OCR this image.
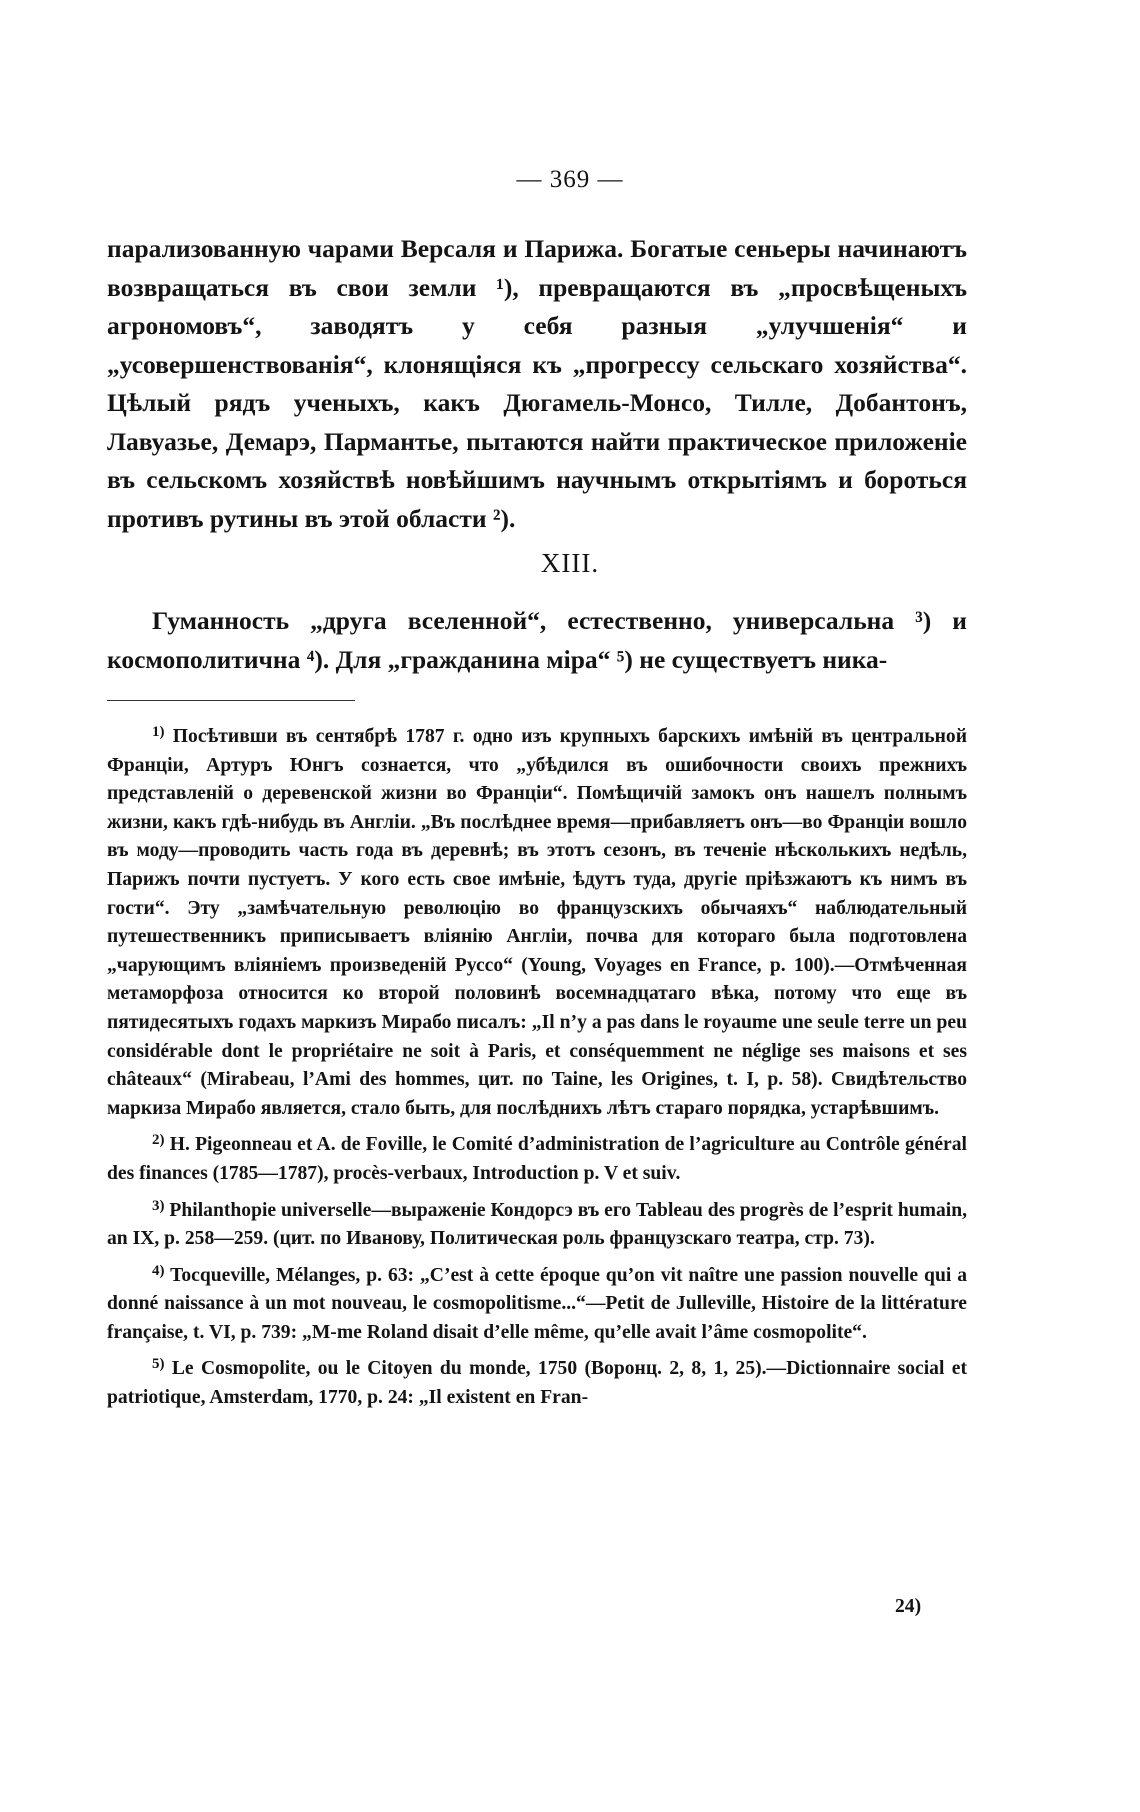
— 369 —

парализованную чарами Версаля и Парижа. Богатые сеньеры начинаютъ возвращаться въ свои земли ¹), превращаются въ „просвѣщеныхъ агрономовъ“, заводятъ у себя разныя „улучшенія“ и „усовершенствованія“, клонящіяся къ „прогрессу сельскаго хозяйства“. Цѣлый рядъ ученыхъ, какъ Дюгамель-Монсо, Тилле, Добантонъ, Лавуазье, Демарэ, Пармантье, пытаются найти практическое приложеніе въ сельскомъ хозяйствѣ новѣйшимъ научнымъ открытіямъ и бороться противъ рутины въ этой области ²).

XIII.

Гуманность „друга вселенной“, естественно, универсальна ³) и космополитична ⁴). Для „гражданина міра“ ⁵) не существуетъ ника-

$^{1)}$ Посѣтивши въ сентябрѣ 1787 г. одно изъ крупныхъ барскихъ имѣній въ центральной Франціи, Артуръ Юнгъ сознается, что „убѣдился въ ошибочности своихъ прежнихъ представленій о деревенской жизни во Франціи“. Помѣщичій замокъ онъ нашелъ полнымъ жизни, какъ гдѣ-нибудь въ Англіи. „Въ послѣднее время—прибавляетъ онъ—во Франціи вошло въ моду—проводить часть года въ деревнѣ; въ этотъ сезонъ, въ теченіе нѣсколькихъ недѣль, Парижъ почти пустуетъ. У кого есть свое имѣніе, ѣдутъ туда, другіе пріѣзжаютъ къ нимъ въ гости“. Эту „замѣчательную революцію во французскихъ обычаяхъ“ наблюдательный путешественникъ приписываетъ вліянію Англіи, почва для котораго была подготовлена „чарующимъ вліяніемъ произведеній Руссо“ (Young, Voyages en France, p. 100).—Отмѣченная метаморфоза относится ко второй половинѣ восемнадцатаго вѣка, потому что еще въ пятидесятыхъ годахъ маркизъ Мирабо писалъ: „Il n’y a pas dans le royaume une seule terre un peu considérable dont le propriétaire ne soit à Paris, et conséquemment ne néglige ses maisons et ses châteaux“ (Mirabeau, l’Ami des hommes, цит. по Taine, les Origines, t. I, p. 58). Свидѣтельство маркиза Мирабо является, стало быть, для послѣднихъ лѣтъ стараго порядка, устарѣвшимъ.

$^{2)}$ H. Pigeonneau et A. de Foville, le Comité d’administration de l’agriculture au Contrôle général des finances (1785—1787), procès-verbaux, Introduction p. V et suiv.

$^{3)}$ Philanthopie universelle—выраженіе Кондорсэ въ его Tableau des progrès de l’esprit humain, an IX, p. 258—259. (цит. по Иванову, Политическая роль французскаго театра, стр. 73).

$^{4)}$ Tocqueville, Mélanges, p. 63: „C’est à cette époque qu’on vit naître une passion nouvelle qui a donné naissance à un mot nouveau, le cosmopolitisme...“—Petit de Julleville, Histoire de la littérature française, t. VI, p. 739: „M-me Roland disait d’elle même, qu’elle avait l’âme cosmopolite“.

$^{5)}$ Le Cosmopolite, ou le Citoyen du monde, 1750 (Воронц. 2, 8, 1, 25).—Dictionnaire social et patriotique, Amsterdam, 1770, p. 24: „Il existent en Fran-

24)
